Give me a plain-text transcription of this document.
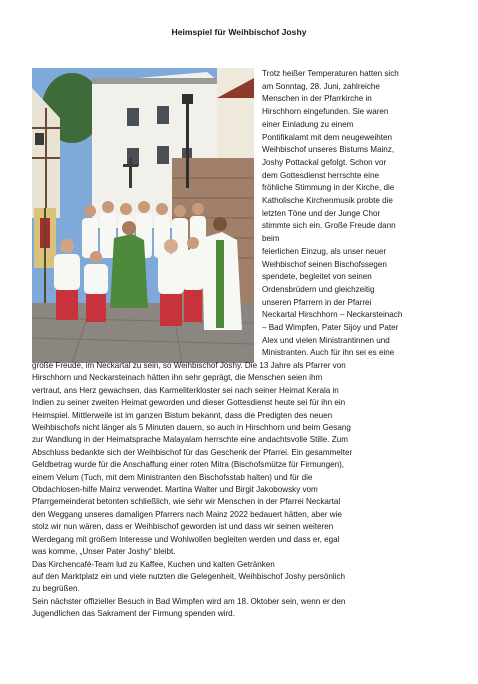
Heimspiel für Weihbischof Joshy
Trotz heißer Temperaturen hatten sich
am Sonntag, 28. Juni, zahlreiche
Menschen in der Pfarrkirche in
Hirschhorn eingefunden. Sie waren
einer Einladung zu einem
Pontifikalamt mit dem neugeweihten
Weihbischof unseres Bistums Mainz,
Joshy Pottackal gefolgt. Schon vor
dem Gottesdienst herrschte eine
fröhliche Stimmung in der Kirche, die
Katholische Kirchenmusik probte die
letzten Töne und der Junge Chor
stimmte sich ein. Große Freude dann
beim
feierlichen Einzug, als unser neuer
Weihbischof seinen Bischofssegen
spendete, begleitet von seinen
Ordensbrüdern und gleichzeitig
unseren Pfarrern in der Pfarrei
Neckartal Hirschhorn – Neckarsteinach
– Bad Wimpfen, Pater Sijoy und Pater
Alex und vielen Ministrantinnen und
Ministranten. Auch für ihn sei es eine
große Freude, im Neckartal zu sein, so Weihbischof Joshy. Die 13 Jahre als Pfarrer von
Hirschhorn und Neckarsteinach hätten ihn sehr geprägt, die Menschen seien ihm
vertraut, ans Herz gewachsen, das Karmeliterkloster sei nach seiner Heimat Kerala in
Indien zu seiner zweiten Heimat geworden und dieser Gottesdienst heute sei für ihn ein
Heimspiel. Mittlerweile ist im ganzen Bistum bekannt, dass die Predigten des neuen
Weihbischofs nicht länger als 5 Minuten dauern, so auch in Hirschhorn und beim Gesang
zur Wandlung in der Heimatsprache Malayalam herrschte eine andachtsvolle Stille. Zum
Abschluss bedankte sich der Weihbischof für das Geschenk der Pfarrei. Ein gesammelter
Geldbetrag wurde für die Anschaffung einer roten Mitra (Bischofsmütze für Firmungen),
einem Velum (Tuch, mit dem Ministranten den Bischofsstab halten) und für die
Obdachlosen-hilfe Mainz verwendet. Martina Walter und Birgit Jakobowsky vom
Pfarrgemeinderat betonten schließlich, wie sehr wir Menschen in der Pfarrei Neckartal
den Weggang unseres damaligen Pfarrers nach Mainz 2022 bedauert hätten, aber wie
stolz wir nun wären, dass er Weihbischof geworden ist und dass wir seinen weiteren
Werdegang mit großem Interesse und Wohlwollen begleiten werden und dass er, egal
was komme, „Unser Pater Joshy“ bleibt.
Das Kirchencafé-Team lud zu Kaffee, Kuchen und kalten Getränken
auf den Marktplatz ein und viele nutzten die Gelegenheit, Weihbischof Joshy persönlich
zu begrüßen.
Sein nächster offizieller Besuch in Bad Wimpfen wird am 18. Oktober sein, wenn er den
Jugendlichen das Sakrament der Firmung spenden wird.
